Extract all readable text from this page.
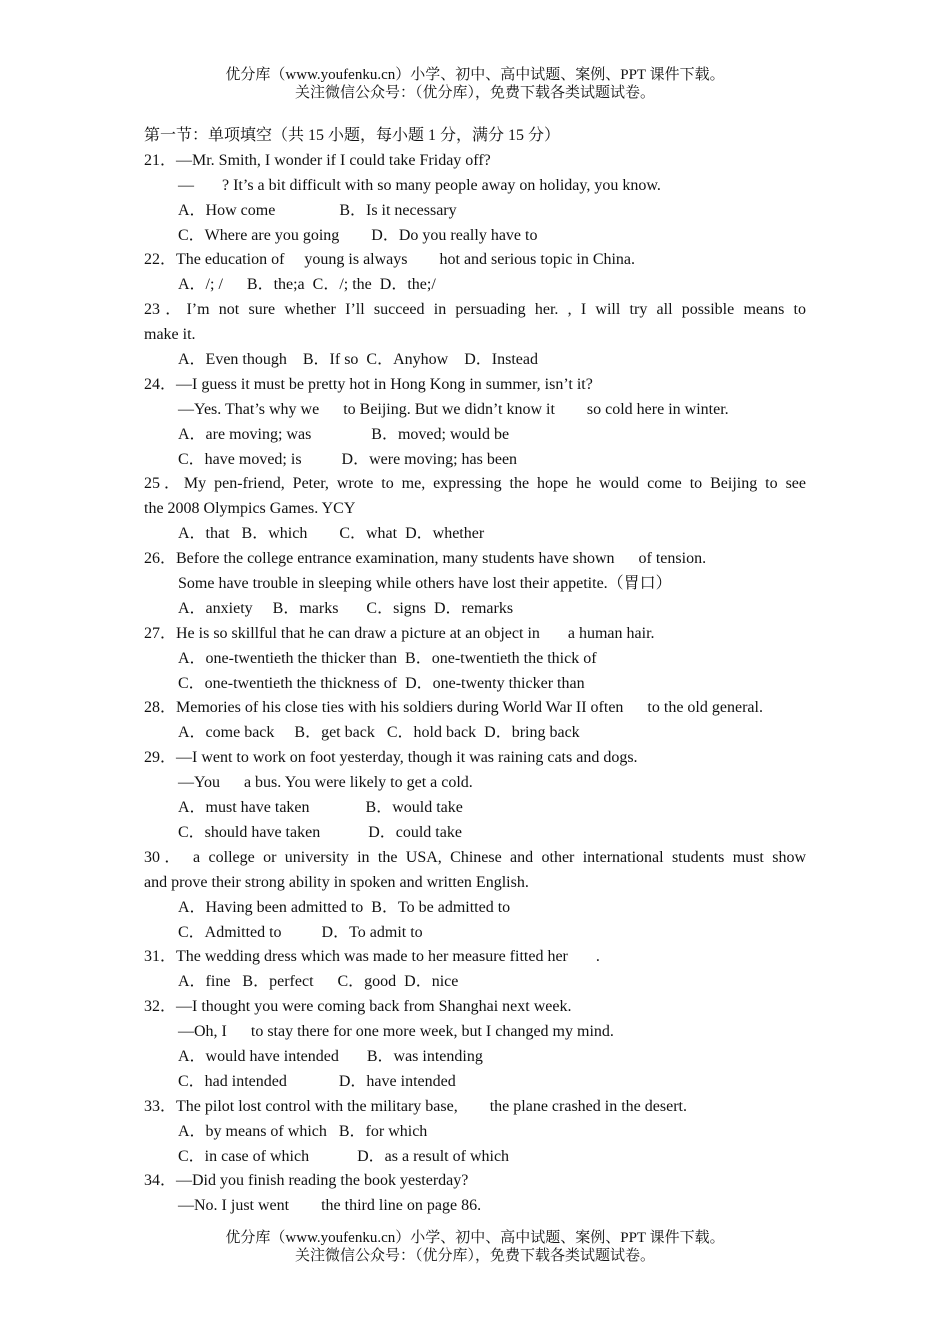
优分库（www.youfenku.cn）小学、初中、高中试题、案例、PPT 课件下载。
关注微信公众号：（优分库），免费下载各类试题试卷。
第一节：单项填空（共 15 小题，每小题 1 分，满分 15 分）
21．—Mr. Smith, I wonder if I could take Friday off?
—       ? It’s a bit difficult with so many people away on holiday, you know.
A．How come                B．Is it necessary
C．Where are you going        D．Do you really have to
22．The education of     young is always        hot and serious topic in China.
A．/; /      B．the;a  C．/; the  D．the;/
23．I’m not sure whether I’ll succeed in persuading her. , I will try all possible means to
make it.
A．Even though    B．If so  C．Anyhow    D．Instead
24．—I guess it must be pretty hot in Hong Kong in summer, isn’t it?
—Yes. That’s why we      to Beijing. But we didn’t know it        so cold here in winter.
A．are moving; was               B．moved; would be
C．have moved; is          D．were moving; has been
25．My pen-friend, Peter, wrote to me, expressing the hope he would come to Beijing to see
the 2008 Olympics Games. YCY
A．that   B．which        C．what  D．whether
26．Before the college entrance examination, many students have shown      of tension.
Some have trouble in sleeping while others have lost their appetite.（胃口）
A．anxiety     B．marks       C．signs  D．remarks
27．He is so skillful that he can draw a picture at an object in       a human hair.
A．one-twentieth the thicker than  B．one-twentieth the thick of
C．one-twentieth the thickness of  D．one-twenty thicker than
28．Memories of his close ties with his soldiers during World War II often      to the old general.
A．come back     B．get back   C．hold back  D．bring back
29．—I went to work on foot yesterday, though it was raining cats and dogs.
—You      a bus. You were likely to get a cold.
A．must have taken              B．would take
C．should have taken            D．could take
30． a college or university in the USA, Chinese and other international students must show
and prove their strong ability in spoken and written English.
A．Having been admitted to  B．To be admitted to
C．Admitted to          D．To admit to
31．The wedding dress which was made to her measure fitted her       .
A．fine   B．perfect      C．good  D．nice
32．—I thought you were coming back from Shanghai next week.
—Oh, I      to stay there for one more week, but I changed my mind.
A．would have intended       B．was intending
C．had intended             D．have intended
33．The pilot lost control with the military base,        the plane crashed in the desert.
A．by means of which   B．for which
C．in case of which            D．as a result of which
34．—Did you finish reading the book yesterday?
—No. I just went        the third line on page 86.
优分库（www.youfenku.cn）小学、初中、高中试题、案例、PPT 课件下载。
关注微信公众号：（优分库），免费下载各类试题试卷。
